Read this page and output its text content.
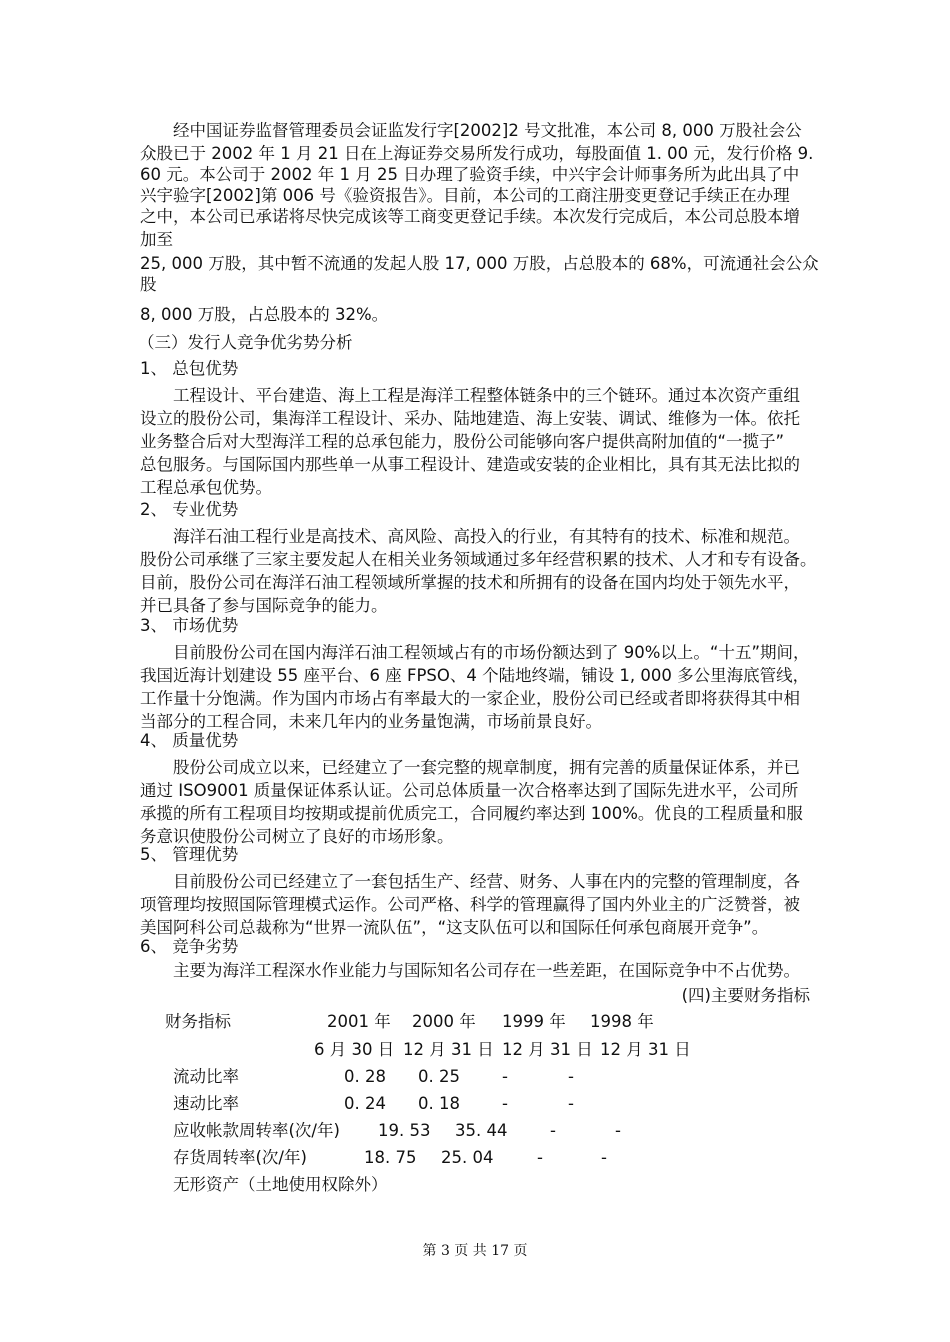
经中国证券监督管理委员会证监发行字[2002]2 号文批准，本公司 8, 000 万股社会公
众股已于 2002 年 1 月 21 日在上海证券交易所发行成功，每股面值 1. 00 元，发行价格 9.
60 元。本公司于 2002 年 1 月 25 日办理了验资手续，中兴宇会计师事务所为此出具了中
兴宇验字[2002]第 006 号《验资报告》。目前，本公司的工商注册变更登记手续正在办理
之中，本公司已承诺将尽快完成该等工商变更登记手续。本次发行完成后，本公司总股本增
加至
25, 000 万股，其中暂不流通的发起人股 17, 000 万股，占总股本的 68%，可流通社会公众
股
8, 000 万股，占总股本的 32%。
（三）发行人竞争优劣势分析
1、 总包优势
工程设计、平台建造、海上工程是海洋工程整体链条中的三个链环。通过本次资产重组
设立的股份公司，集海洋工程设计、采办、陆地建造、海上安装、调试、维修为一体。依托
业务整合后对大型海洋工程的总承包能力，股份公司能够向客户提供高附加值的“一揽子”
总包服务。与国际国内那些单一从事工程设计、建造或安装的企业相比，具有其无法比拟的
工程总承包优势。
2、 专业优势
海洋石油工程行业是高技术、高风险、高投入的行业，有其特有的技术、标准和规范。
股份公司承继了三家主要发起人在相关业务领域通过多年经营积累的技术、人才和专有设备。
目前，股份公司在海洋石油工程领域所掌握的技术和所拥有的设备在国内均处于领先水平，
并已具备了参与国际竞争的能力。
3、 市场优势
目前股份公司在国内海洋石油工程领域占有的市场份额达到了 90%以上。“十五”期间，
我国近海计划建设 55 座平台、6 座 FPSO、4 个陆地终端，铺设 1, 000 多公里海底管线，
工作量十分饱满。作为国内市场占有率最大的一家企业，股份公司已经或者即将获得其中相
当部分的工程合同，未来几年内的业务量饱满，市场前景良好。
4、 质量优势
股份公司成立以来，已经建立了一套完整的规章制度，拥有完善的质量保证体系，并已
通过 ISO9001 质量保证体系认证。公司总体质量一次合格率达到了国际先进水平，公司所
承揽的所有工程项目均按期或提前优质完工，合同履约率达到 100%。优良的工程质量和服
务意识使股份公司树立了良好的市场形象。
5、 管理优势
目前股份公司已经建立了一套包括生产、经营、财务、人事在内的完整的管理制度，各
项管理均按照国际管理模式运作。公司严格、科学的管理赢得了国内外业主的广泛赞誉，被
美国阿科公司总裁称为“世界一流队伍”，“这支队伍可以和国际任何承包商展开竞争”。
6、 竞争劣势
主要为海洋工程深水作业能力与国际知名公司存在一些差距，在国际竞争中不占优势。
(四)主要财务指标
财务指标	2001 年 2000 年 1999 年 1998 年
6 月 30 日 12 月 31 日 12 月 31 日 12 月 31 日
流动比率	0. 28 0. 25	-	-
速动比率	0. 24 0. 18	-	-
应收帐款周转率(次/年) 19. 53 35. 44	-	-
存货周转率(次/年)	18. 75 25. 04	-	-
无形资产（土地使用权除外）
第 3 页 共 17 页
